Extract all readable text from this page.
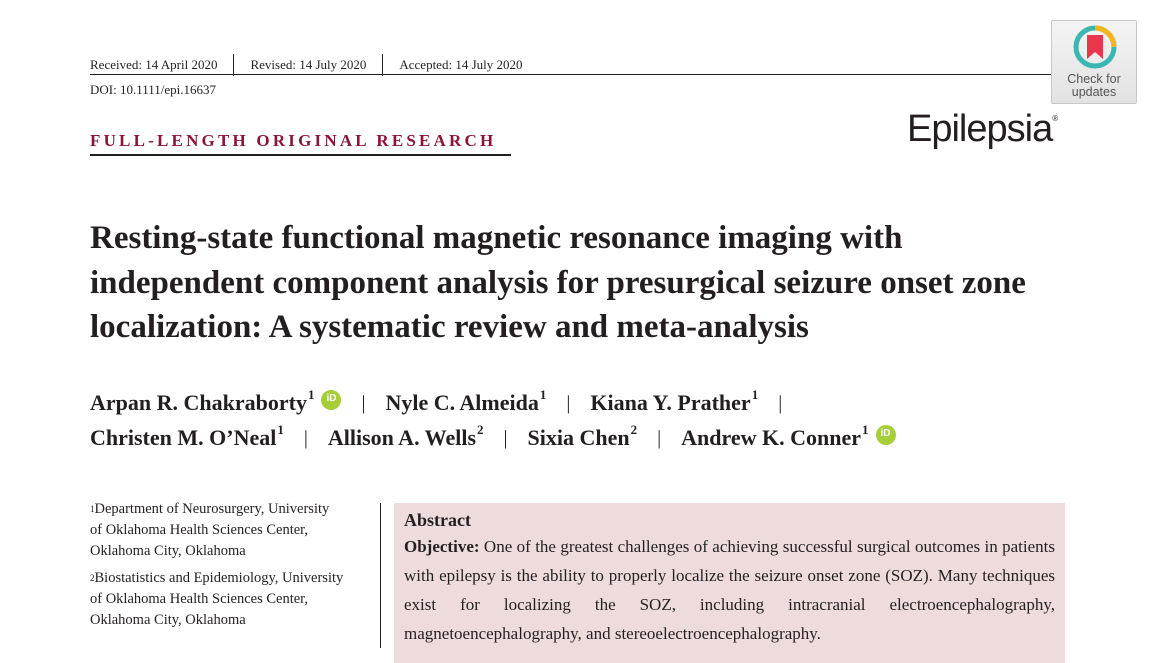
Received: 14 April 2020	Revised: 14 July 2020	Accepted: 14 July 2020
DOI: 10.1111/epi.16637
Check for
updates
Epilepsia®
FULL-LENGTH ORIGINAL RESEARCH
Resting-state functional magnetic resonance imaging with independent component analysis for presurgical seizure onset zone localization: A systematic review and meta-analysis
Arpan R. Chakraborty 1	iD | Nyle C. Almeida 1 | Kiana Y. Prather 1 |
Christen M. O’Neal 1 | Allison A. Wells 2 | Sixia Chen 2 | Andrew K. Conner 1	iD
$^1$Department of Neurosurgery, University
of Oklahoma Health Sciences Center,
Oklahoma City, Oklahoma
$^2$Biostatistics and Epidemiology, University
of Oklahoma Health Sciences Center,
Oklahoma City, Oklahoma
Abstract
Objective: One of the greatest challenges of achieving successful surgical outcomes in patients with epilepsy is the ability to properly localize the seizure onset zone (SOZ). Many techniques exist for localizing the SOZ, including intracranial electroencephalography, magnetoencephalography, and stereoelectroencephalography.
